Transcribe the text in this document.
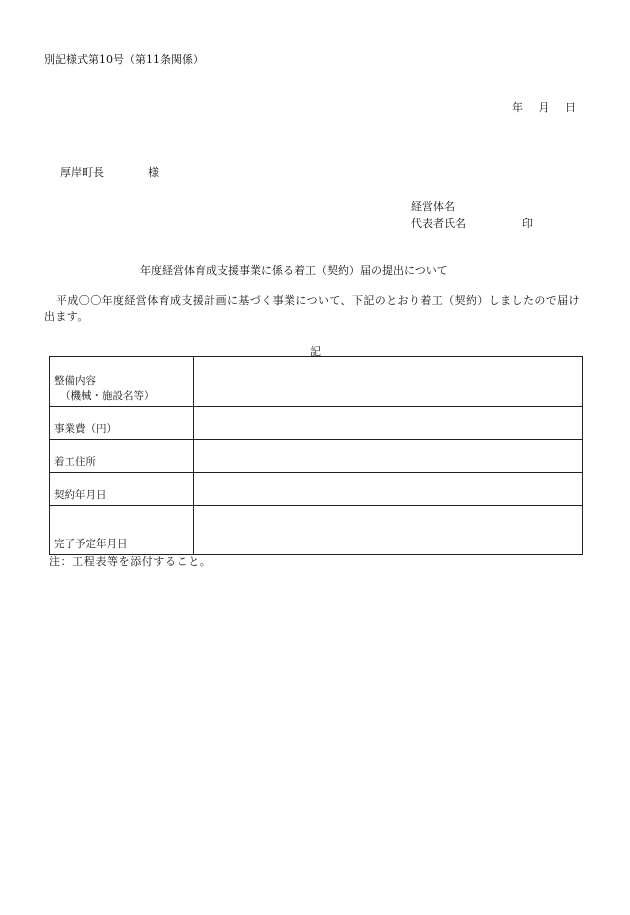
別記様式第10号（第11条関係）
年 月 日
厚岸町長	様
経営体名
代表者氏名	印
年度経営体育成支援事業に係る着工（契約）届の提出について
平成〇〇年度経営体育成支援計画に基づく事業について、下記のとおり着工（契約）しましたので届け出ます。
記
整備内容
（機械・施設名等）	

事業費（円）	
着工住所	
契約年月日	
完了予定年月日	
注：工程表等を添付すること。
